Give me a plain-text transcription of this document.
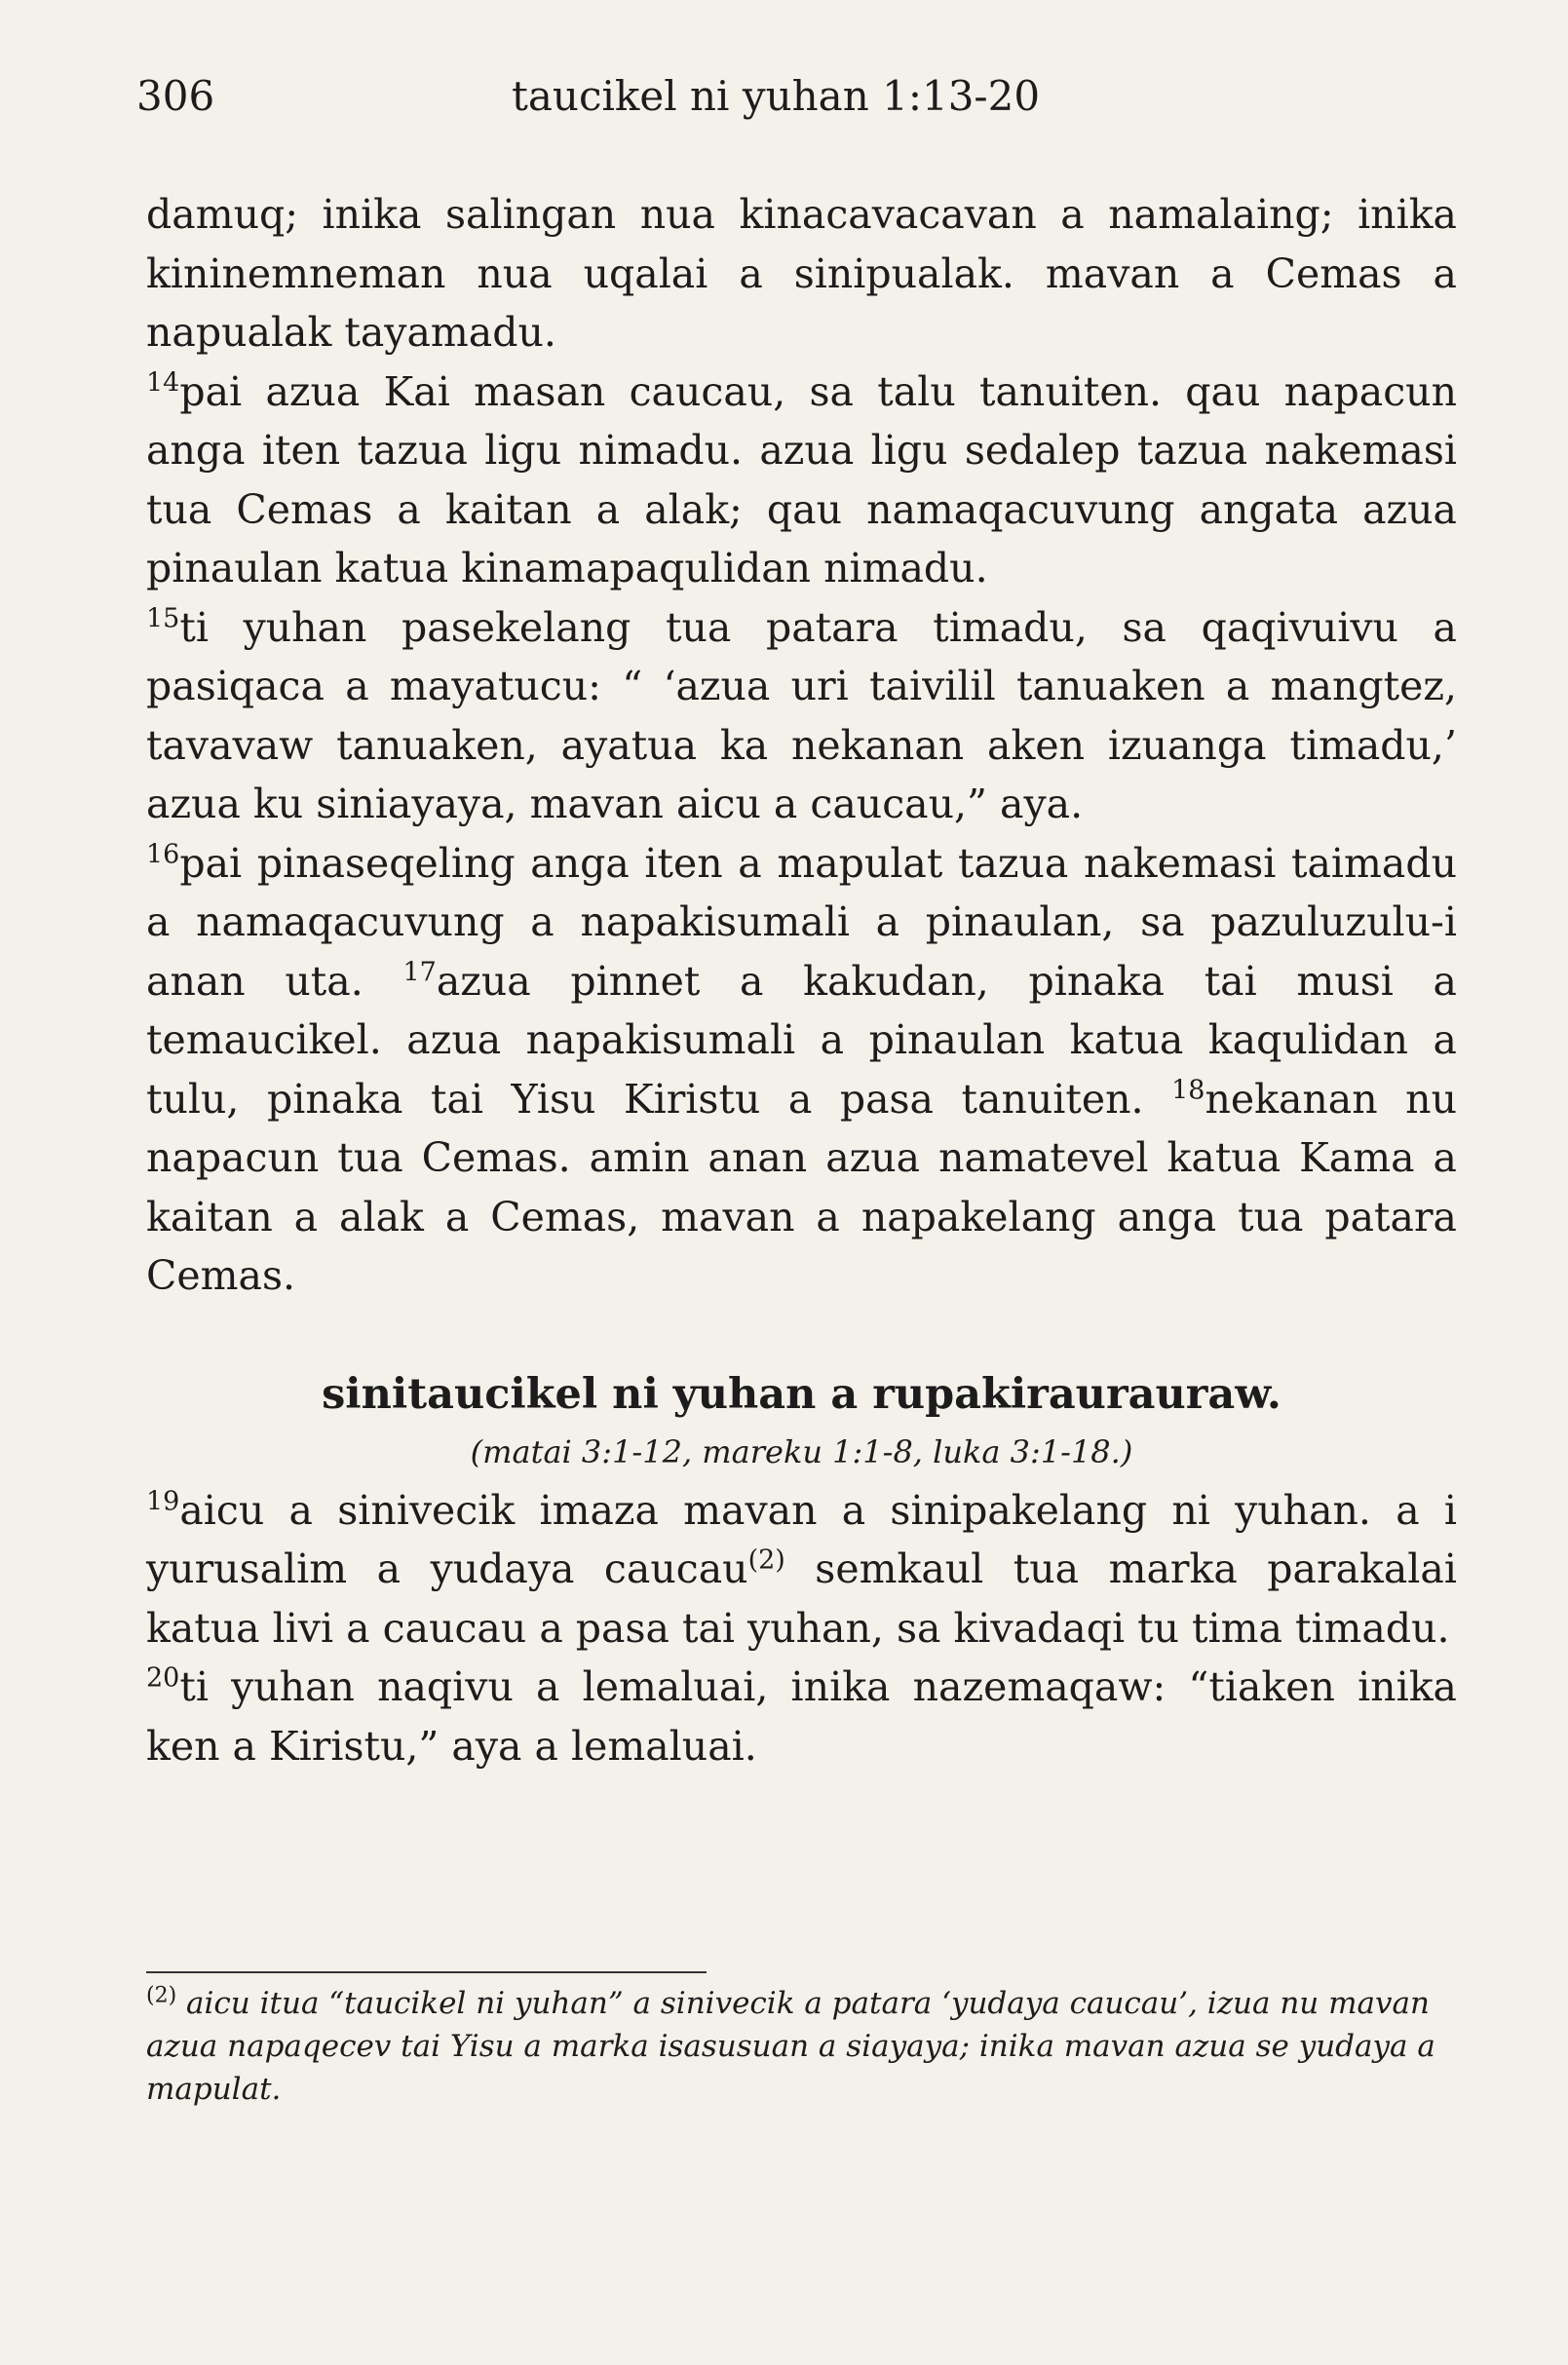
306	taucikel ni yuhan 1:13-20

damuq; inika salingan nua kinacavacavan a namalaing; inika kininemneman nua uqalai a sinipualak. mavan a Cemas a napualak tayamadu.

$^{14}$pai azua Kai masan caucau, sa talu tanuiten. qau napacun anga iten tazua ligu nimadu. azua ligu sedalep tazua nakemasi tua Cemas a kaitan a alak; qau namaqacuvung angata azua pinaulan katua kinamapaqulidan nimadu.

$^{15}$ti yuhan pasekelang tua patara timadu, sa qaqivuivu a pasiqaca a mayatucu: “ ‘azua uri taivilil tanuaken a mangtez, tavavaw tanuaken, ayatua ka nekanan aken izuanga timadu,’ azua ku siniayaya, mavan aicu a caucau,” aya.

$^{16}$pai pinaseqeling anga iten a mapulat tazua nakemasi taimadu a namaqacuvung a napakisumali a pinaulan, sa pazuluzulu-i anan uta. $^{17}$azua pinnet a kakudan, pinaka tai musi a temaucikel. azua napakisumali a pinaulan katua kaqulidan a tulu, pinaka tai Yisu Kiristu a pasa tanuiten. $^{18}$nekanan nu napacun tua Cemas. amin anan azua namatevel katua Kama a kaitan a alak a Cemas, mavan a napakelang anga tua patara Cemas.

sinitaucikel ni yuhan a rupakiraurauraw.
(matai 3:1-12, mareku 1:1-8, luka 3:1-18.)

$^{19}$aicu a sinivecik imaza mavan a sinipakelang ni yuhan. a i yurusalim a yudaya caucau$^{(2)}$ semkaul tua marka parakalai katua livi a caucau a pasa tai yuhan, sa kivadaqi tu tima timadu.

$^{20}$ti yuhan naqivu a lemaluai, inika nazemaqaw: “tiaken inika ken a Kiristu,” aya a lemaluai.

$^{(2)}$ aicu itua “taucikel ni yuhan” a sinivecik a patara ‘yudaya caucau’, izua nu mavan azua napaqecev tai Yisu a marka isasusuan a siayaya; inika mavan azua se yudaya a mapulat.
